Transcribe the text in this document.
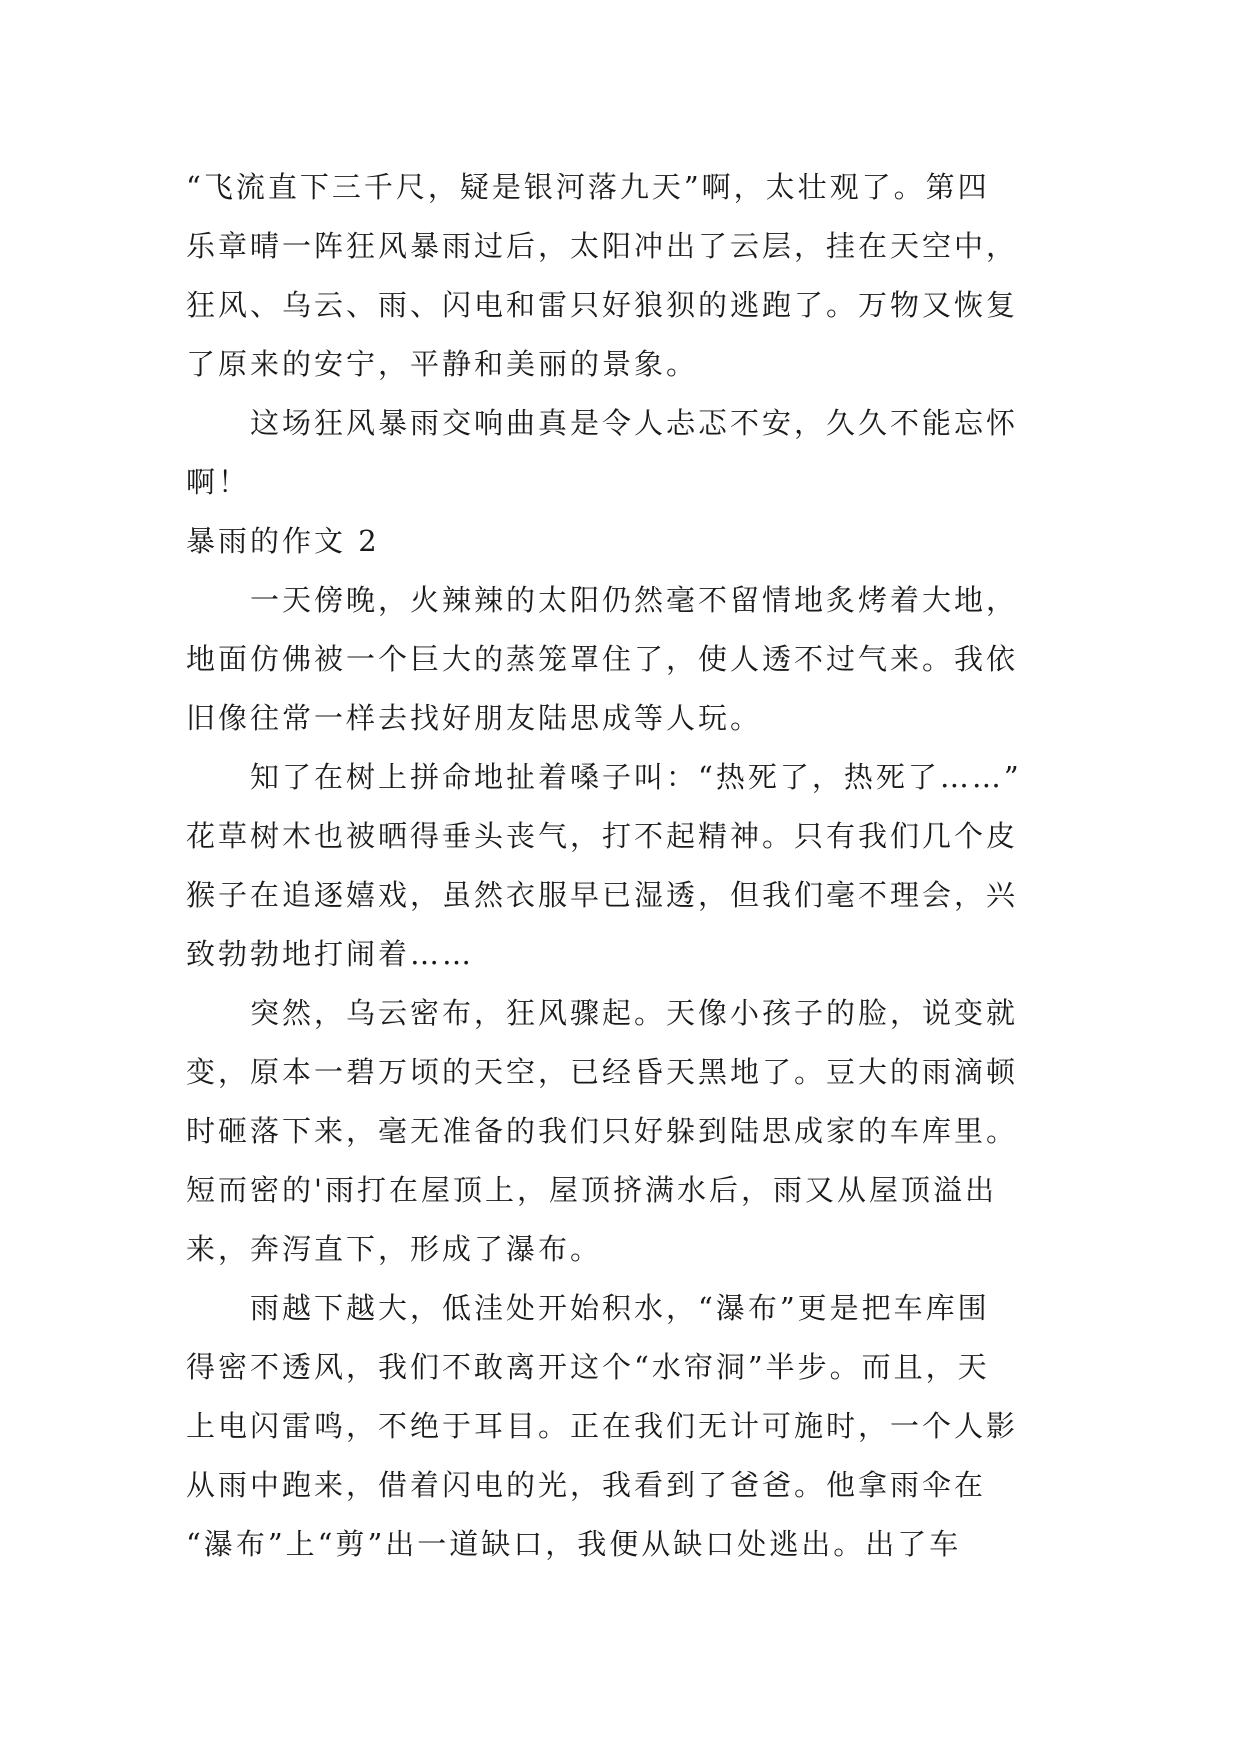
“飞流直下三千尺，疑是银河落九天”啊，太壮观了。第四
乐章晴一阵狂风暴雨过后，太阳冲出了云层，挂在天空中，
狂风、乌云、雨、闪电和雷只好狼狈的逃跑了。万物又恢复
了原来的安宁，平静和美丽的景象。
这场狂风暴雨交响曲真是令人忐忑不安，久久不能忘怀
啊！
暴雨的作文 2
一天傍晚，火辣辣的太阳仍然毫不留情地炙烤着大地，
地面仿佛被一个巨大的蒸笼罩住了，使人透不过气来。我依
旧像往常一样去找好朋友陆思成等人玩。
知了在树上拼命地扯着嗓子叫：“热死了，热死了……”
花草树木也被晒得垂头丧气，打不起精神。只有我们几个皮
猴子在追逐嬉戏，虽然衣服早已湿透，但我们毫不理会，兴
致勃勃地打闹着……
突然，乌云密布，狂风骤起。天像小孩子的脸，说变就
变，原本一碧万顷的天空，已经昏天黑地了。豆大的雨滴顿
时砸落下来，毫无准备的我们只好躲到陆思成家的车库里。
短而密的'雨打在屋顶上，屋顶挤满水后，雨又从屋顶溢出
来，奔泻直下，形成了瀑布。
雨越下越大，低洼处开始积水，“瀑布”更是把车库围
得密不透风，我们不敢离开这个“水帘洞”半步。而且，天
上电闪雷鸣，不绝于耳目。正在我们无计可施时，一个人影
从雨中跑来，借着闪电的光，我看到了爸爸。他拿雨伞在
“瀑布”上“剪”出一道缺口，我便从缺口处逃出。出了车
